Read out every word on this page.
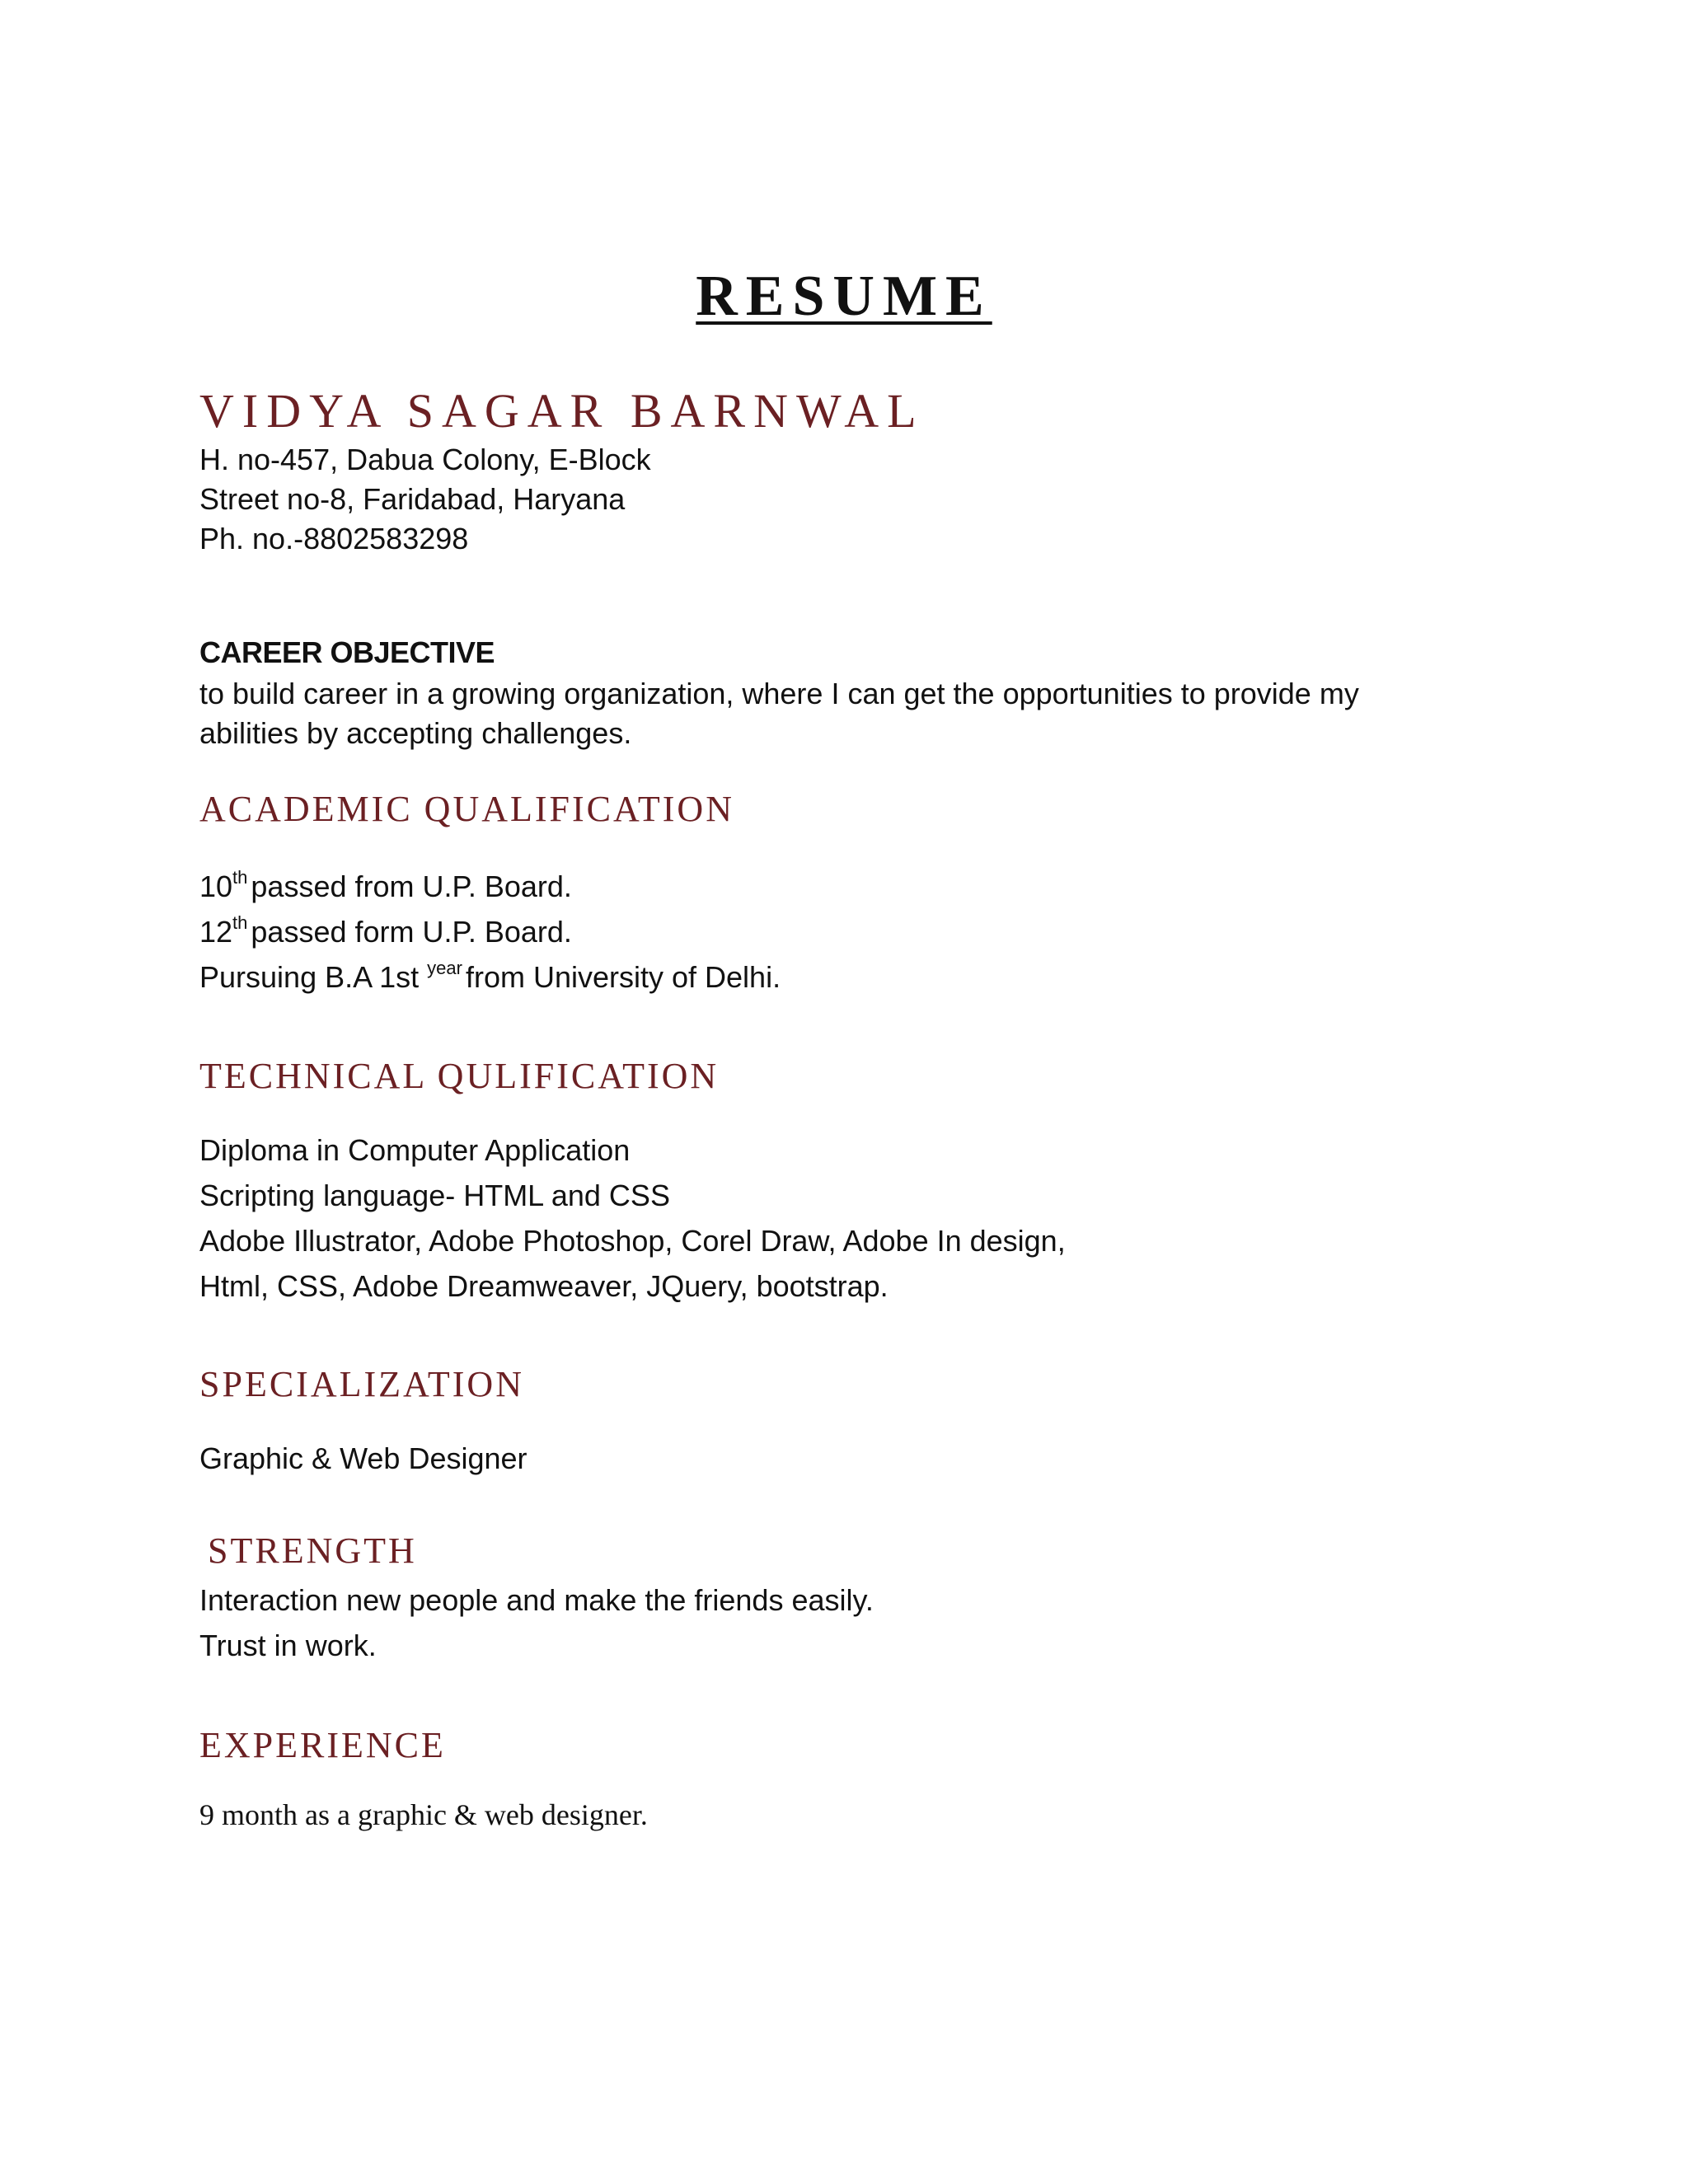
RESUME
VIDYA SAGAR BARNWAL

H. no-457, Dabua Colony, E-Block

Street no-8, Faridabad, Haryana

Ph. no.-8802583298

CAREER OBJECTIVE

to build career in a growing organization, where I can get the opportunities to provide my

abilities by accepting challenges.

ACADEMIC QUALIFICATION

10th passed from U.P. Board.

12th passed form U.P. Board.

Pursuing B.A 1st $^{year}$ from University of Delhi.

TECHNICAL QULIFICATION

Diploma in Computer Application

Scripting language- HTML and CSS

Adobe Illustrator, Adobe Photoshop, Corel Draw, Adobe In design,

Html, CSS, Adobe Dreamweaver, JQuery, bootstrap.

SPECIALIZATION

Graphic & Web Designer

STRENGTH

Interaction new people and make the friends easily.

Trust in work.

EXPERIENCE

9 month as a graphic & web designer.
